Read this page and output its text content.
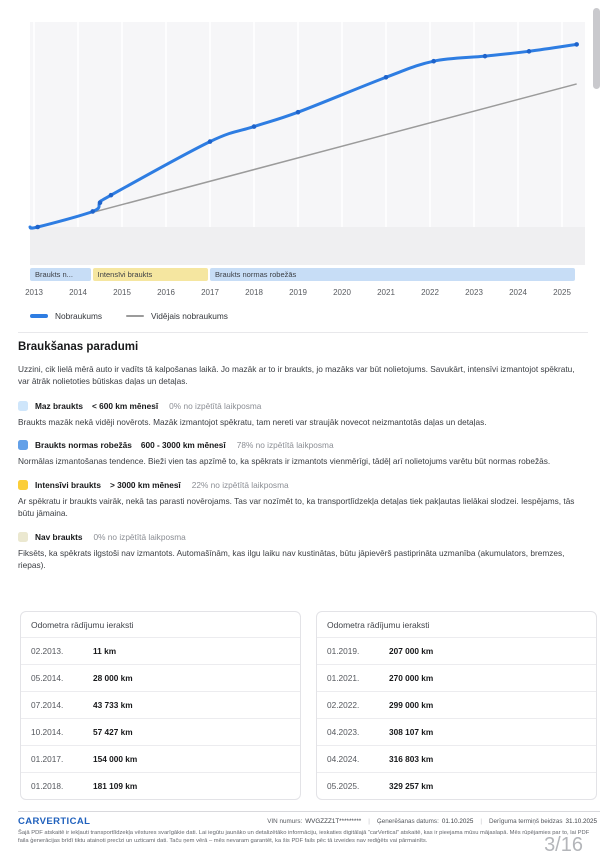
Braukts n...	Intensīvi braukts	Braukts normas robežās
2013	2014	2015	2016	2017	2018	2019	2020	2021	2022	2023	2024	2025
Nobraukums	Vidējais nobraukums
Braukšanas paradumi

Uzzini, cik lielā mērā auto ir vadīts tā kalpošanas laikā. Jo mazāk ar to ir braukts, jo mazāks var būt nolietojums. Savukārt, intensīvi izmantojot spēkratu, var ātrāk nolietoties būtiskas daļas un detaļas.

Maz braukts < 600 km mēnesī 0% no izpētītā laikposma

Braukts mazāk nekā vidēji novērots. Mazāk izmantojot spēkratu, tam nereti var straujāk novecot neizmantotās daļas un detaļas.

Braukts normas robežās 600 - 3000 km mēnesī 78% no izpētītā laikposma

Normālas izmantošanas tendence. Bieži vien tas apzīmē to, ka spēkrats ir izmantots vienmērīgi, tādēļ arī nolietojums varētu būt normas robežās.

Intensīvi braukts > 3000 km mēnesī 22% no izpētītā laikposma

Ar spēkratu ir braukts vairāk, nekā tas parasti novērojams. Tas var nozīmēt to, ka transportlīdzekļa detaļas tiek pakļautas lielākai slodzei. Iespējams, tās būtu jāmaina.

Nav braukts 0% no izpētītā laikposma

Fiksēts, ka spēkrats ilgstoši nav izmantots. Automašīnām, kas ilgu laiku nav kustinātas, būtu jāpievērš pastiprināta uzmanība (akumulators, bremzes, riepas).

Odometra rādījumu ieraksti
02.2013.	11 km
05.2014.	28 000 km
07.2014.	43 733 km
10.2014.	57 427 km
01.2017.	154 000 km
01.2018.	181 109 km
Odometra rādījumu ieraksti
01.2019.	207 000 km
01.2021.	270 000 km
02.2022.	299 000 km
04.2023.	308 107 km
04.2024.	316 803 km
05.2025.	329 257 km
CARVERTICAL	VIN numurs: WVGZZZ1T********* | Ģenerēšanas datums: 01.10.2025 | Derīguma termiņš beidzas 31.10.2025

Šajā PDF atskaitē ir iekļauti transportlīdzekļa vēstures svarīgākie dati. Lai iegūtu jaunāko un detalizētāko informāciju, ieskaties digitālajā “carVertical” atskaitē, kas ir pieejama mūsu mājaslapā. Mēs rūpējamies par to, lai PDF faila ģenerācijas brīdī tiktu atainoti precīzi un uzticami dati. Taču ņem vērā – mēs nevaram garantēt, ka šis PDF fails pēc tā izveides nav rediģēts vai pārmainīts.	3/16
